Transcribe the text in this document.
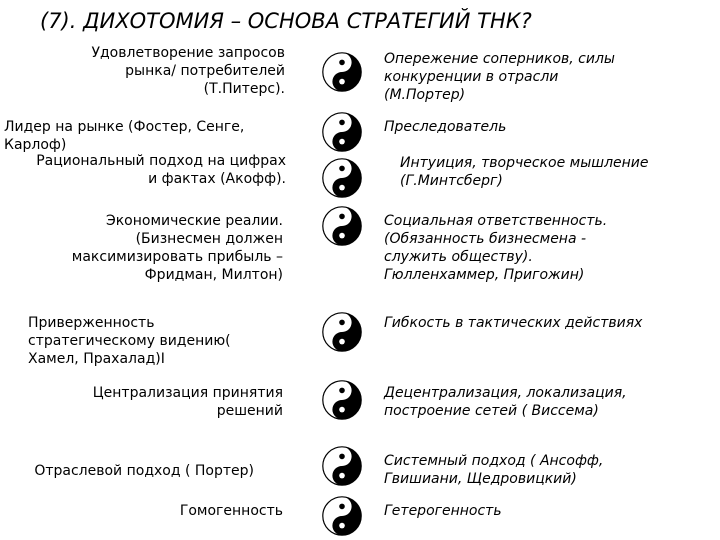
(7). ДИХОТОМИЯ – ОСНОВА СТРАТЕГИЙ ТНК?
Удовлетворение запросов
рынка/ потребителей
(Т.Питерс).
Опережение соперников, силы
конкуренции в отрасли
(М.Портер)
Лидер на рынке (Фостер, Сенге,
Карлоф)
Преследователь
Рациональный подход на цифрах
и фактах (Акофф).
Интуиция, творческое мышление
(Г.Минтсберг)
Экономические реалии.
(Бизнесмен должен
максимизировать прибыль –
Фридман, Милтон)
Социальная ответственность.
(Обязанность бизнесмена -
служить обществу).
Гюлленхаммер, Пригожин)
Приверженность
стратегическому видению(
Хамел, Прахалад)I
Гибкость в тактических действиях
Централизация принятия
решений
Децентрализация, локализация,
построение сетей ( Виссема)
Отраслевой подход ( Портер)
Системный подход ( Ансофф,
Гвишиани, Щедровицкий)
Гомогенность	Гетерогенность
